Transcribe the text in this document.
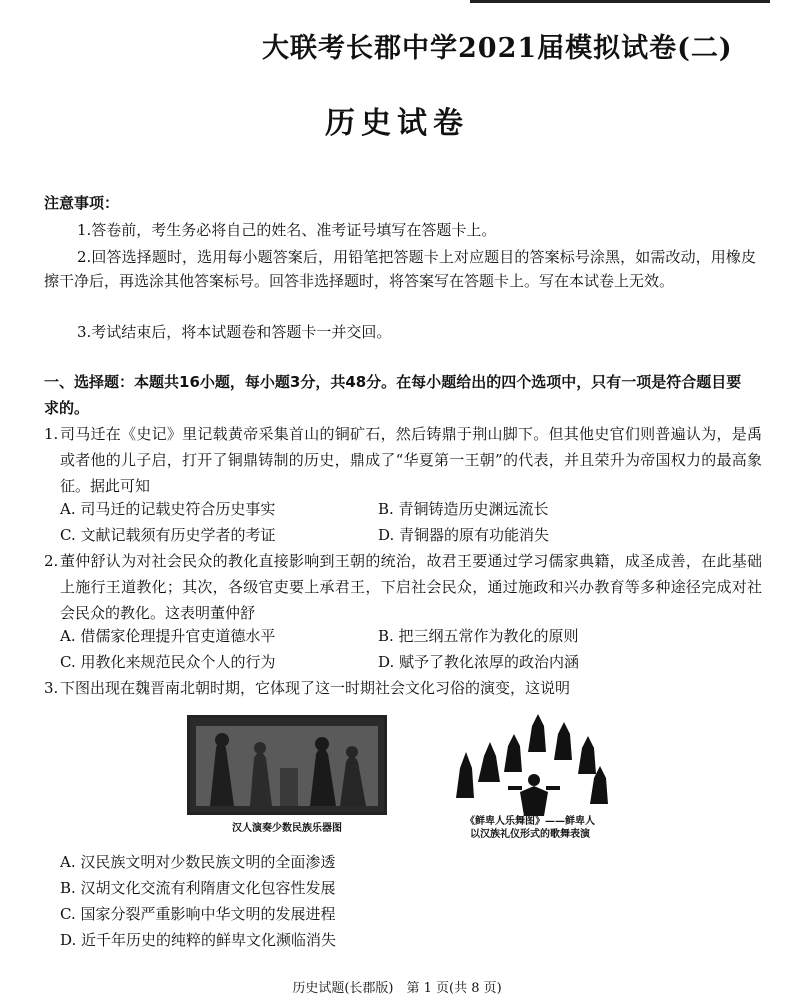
大联考长郡中学2021届模拟试卷(二)
历史试卷
注意事项：
1.答卷前，考生务必将自己的姓名、准考证号填写在答题卡上。
2.回答选择题时，选用每小题答案后，用铅笔把答题卡上对应题目的答案标号涂黑，如需改动，用橡皮擦干净后，再选涂其他答案标号。回答非选择题时，将答案写在答题卡上。写在本试卷上无效。
3.考试结束后，将本试题卷和答题卡一并交回。
一、选择题：本题共16小题，每小题3分，共48分。在每小题给出的四个选项中，只有一项是符合题目要求的。
1. 司马迁在《史记》里记载黄帝采集首山的铜矿石，然后铸鼎于荆山脚下。但其他史官们则普遍认为，是禹或者他的儿子启，打开了铜鼎铸制的历史，鼎成了“华夏第一王朝”的代表，并且荣升为帝国权力的最高象征。据此可知
A. 司马迁的记载史符合历史事实	B. 青铜铸造历史渊远流长
C. 文献记载须有历史学者的考证	D. 青铜器的原有功能消失
2. 董仲舒认为对社会民众的教化直接影响到王朝的统治，故君王要通过学习儒家典籍，成圣成善，在此基础上施行王道教化；其次，各级官吏要上承君王，下启社会民众，通过施政和兴办教育等多种途径完成对社会民众的教化。这表明董仲舒
A. 借儒家伦理提升官吏道德水平	B. 把三纲五常作为教化的原则
C. 用教化来规范民众个人的行为	D. 赋予了教化浓厚的政治内涵
3. 下图出现在魏晋南北朝时期，它体现了这一时期社会文化习俗的演变，这说明
汉人演奏少数民族乐器图
《鲜卑人乐舞图》——鲜卑人
以汉族礼仪形式的歌舞表演
A. 汉民族文明对少数民族文明的全面渗透
B. 汉胡文化交流有利隋唐文化包容性发展
C. 国家分裂严重影响中华文明的发展进程
D. 近千年历史的纯粹的鲜卑文化濒临消失
历史试题(长郡版)　第 1 页(共 8 页)
